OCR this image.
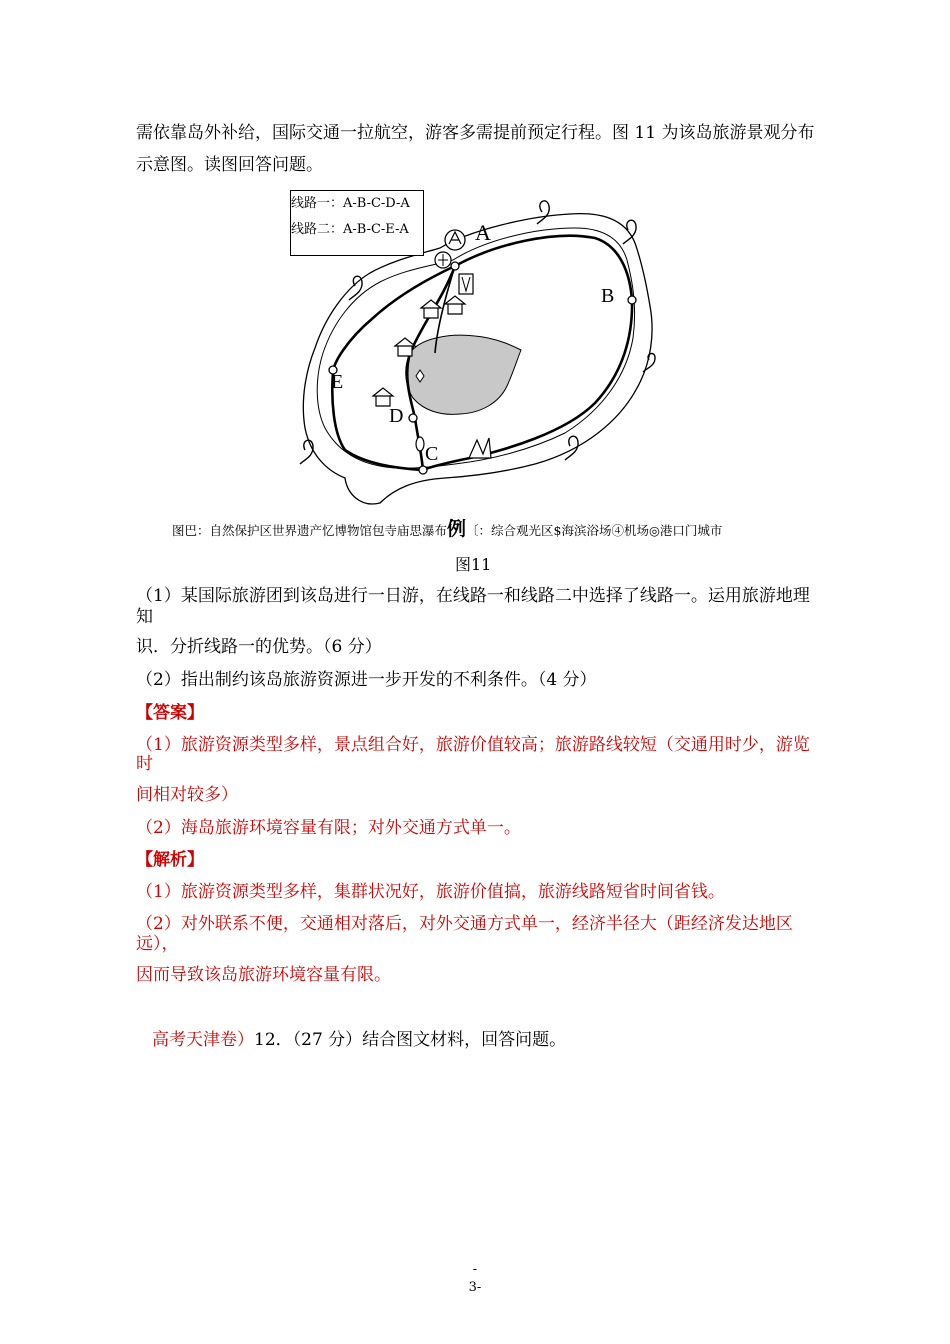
需依靠岛外补给，国际交通一拉航空，游客多需提前预定行程。图 11 为该岛旅游景观分布
示意图。读图回答问题。
A
B
C
D
E
线路一：A-B-C-D-A
线路二：A-B-C-E-A
图巴：自然保护区世界遗产忆博物馆包寺庙思瀑布例〔：综合观光区$海滨浴场④机场◎港口门城市
图11
（1）某国际旅游团到该岛进行一日游，在线路一和线路二中选择了线路一。运用旅游地理
知
识．分折线路一的优势。（6 分）
（2）指出制约该岛旅游资源进一步开发的不利条件。（4 分）
【答案】
（1）旅游资源类型多样，景点组合好，旅游价值较高；旅游路线较短（交通用时少，游览
时
间相对较多）
（2）海岛旅游环境容量有限；对外交通方式单一。
【解析】
（1）旅游资源类型多样，集群状况好，旅游价值搞，旅游线路短省时间省钱。
（2）对外联系不便，交通相对落后，对外交通方式单一，经济半径大（距经济发达地区
远），
因而导致该岛旅游环境容量有限。
高考天津卷）12．（27 分）结合图文材料，回答问题。
-
3-
